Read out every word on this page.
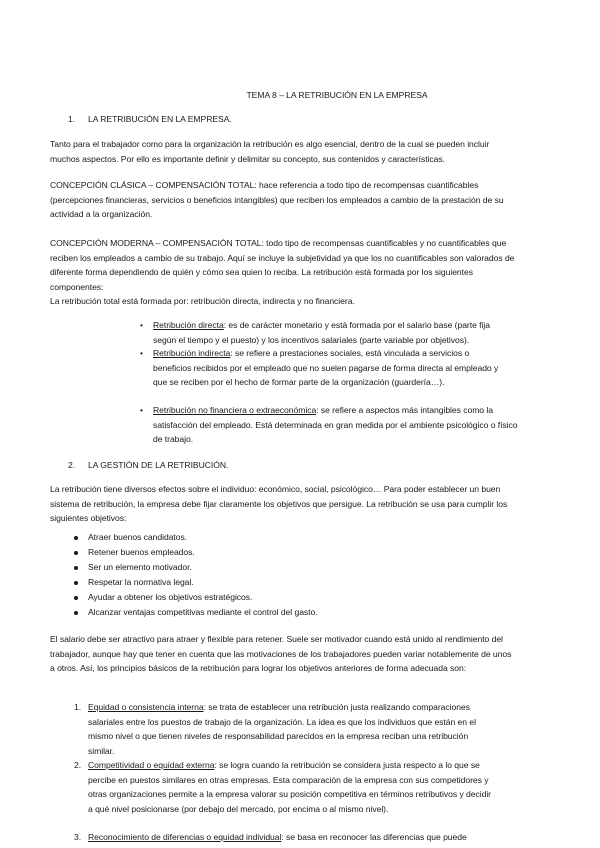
TEMA 8 – LA RETRIBUCIÓN EN LA EMPRESA

1. LA RETRIBUCIÓN EN LA EMPRESA.

Tanto para el trabajador como para la organización la retribución es algo esencial, dentro de la cual se pueden incluir muchos aspectos. Por ello es importante definir y delimitar su concepto, sus contenidos y características.

CONCEPCIÓN CLÁSICA – COMPENSACIÓN TOTAL: hace referencia a todo tipo de recompensas cuantificables (percepciones financieras, servicios o beneficios intangibles) que reciben los empleados a cambio de la prestación de su actividad a la organización.

CONCEPCIÓN MODERNA – COMPENSACIÓN TOTAL: todo tipo de recompensas cuantificables y no cuantificables que reciben los empleados a cambio de su trabajo. Aquí se incluye la subjetividad ya que los no cuantificables son valorados de diferente forma dependiendo de quién y cómo sea quien lo reciba. La retribución está formada por los siguientes componentes:

La retribución total está formada por: retribución directa, indirecta y no financiera.

• Retribución directa: es de carácter monetario y está formada por el salario base (parte fija según el tiempo y el puesto) y los incentivos salariales (parte variable por objetivos).

• Retribución indirecta: se refiere a prestaciones sociales, está vinculada a servicios o beneficios recibidos por el empleado que no suelen pagarse de forma directa al empleado y que se reciben por el hecho de formar parte de la organización (guardería…).

• Retribución no financiera o extraeconómica: se refiere a aspectos más intangibles como la satisfacción del empleado. Está determinada en gran medida por el ambiente psicológico o físico de trabajo.

2. LA GESTIÓN DE LA RETRIBUCIÓN.

La retribución tiene diversos efectos sobre el individuo: económico, social, psicológico… Para poder establecer un buen sistema de retribución, la empresa debe fijar claramente los objetivos que persigue. La retribución se usa para cumplir los siguientes objetivos:

Atraer buenos candidatos.

Retener buenos empleados.

Ser un elemento motivador.

Respetar la normativa legal.

Ayudar a obtener los objetivos estratégicos.

Alcanzar ventajas competitivas mediante el control del gasto.

El salario debe ser atractivo para atraer y flexible para retener. Suele ser motivador cuando está unido al rendimiento del trabajador, aunque hay que tener en cuenta que las motivaciones de los trabajadores pueden variar notablemente de unos a otros. Así, los principios básicos de la retribución para lograr los objetivos anteriores de forma adecuada son:

1. Equidad o consistencia interna: se trata de establecer una retribución justa realizando comparaciones salariales entre los puestos de trabajo de la organización. La idea es que los individuos que están en el mismo nivel o que tienen niveles de responsabilidad parecidos en la empresa reciban una retribución similar.

2. Competitividad o equidad externa: se logra cuando la retribución se considera justa respecto a lo que se percibe en puestos similares en otras empresas. Esta comparación de la empresa con sus competidores y otras organizaciones permite a la empresa valorar su posición competitiva en términos retributivos y decidir a qué nivel posicionarse (por debajo del mercado, por encima o al mismo nivel).

3. Reconocimiento de diferencias o equidad individual: se basa en reconocer las diferencias que puede
